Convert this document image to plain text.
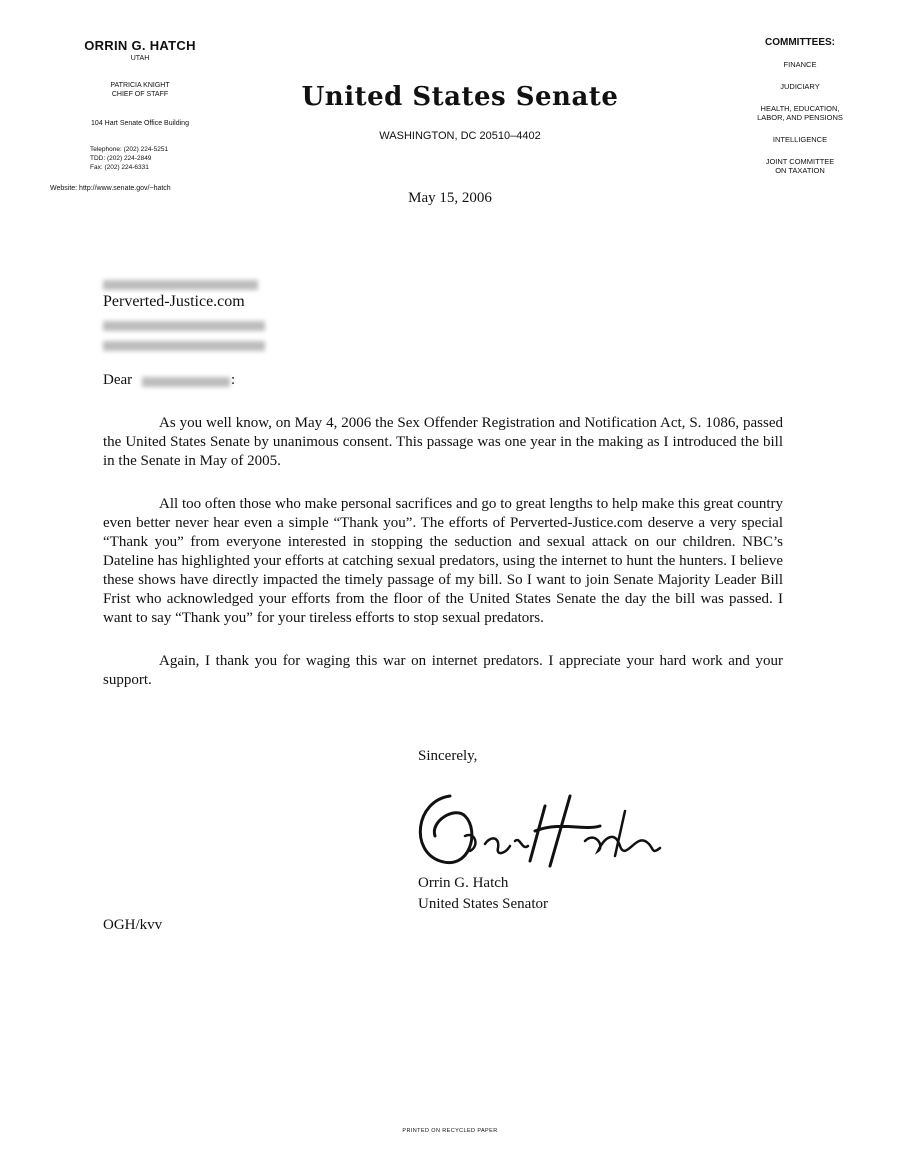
ORRIN G. HATCH
UTAH
PATRICIA KNIGHT
CHIEF OF STAFF
104 Hart Senate Office Building
Telephone: (202) 224-5251
TDD: (202) 224-2849
Fax: (202) 224-6331
Website: http://www.senate.gov/~hatch
United States Senate
WASHINGTON, DC 20510–4402
May 15, 2006
COMMITTEES:
FINANCE
JUDICIARY
HEALTH, EDUCATION,
LABOR, AND PENSIONS
INTELLIGENCE
JOINT COMMITTEE
ON TAXATION
Perverted-Justice.com
Dear	:

As you well know, on May 4, 2006 the Sex Offender Registration and Notification Act, S. 1086, passed the United States Senate by unanimous consent. This passage was one year in the making as I introduced the bill in the Senate in May of 2005.

All too often those who make personal sacrifices and go to great lengths to help make this great country even better never hear even a simple “Thank you”. The efforts of Perverted-Justice.com deserve a very special “Thank you” from everyone interested in stopping the seduction and sexual attack on our children. NBC’s Dateline has highlighted your efforts at catching sexual predators, using the internet to hunt the hunters. I believe these shows have directly impacted the timely passage of my bill. So I want to join Senate Majority Leader Bill Frist who acknowledged your efforts from the floor of the United States Senate the day the bill was passed. I want to say “Thank you” for your tireless efforts to stop sexual predators.

Again, I thank you for waging this war on internet predators. I appreciate your hard work and your support.

Sincerely,
Orrin G. Hatch
United States Senator
OGH/kvv
PRINTED ON RECYCLED PAPER
